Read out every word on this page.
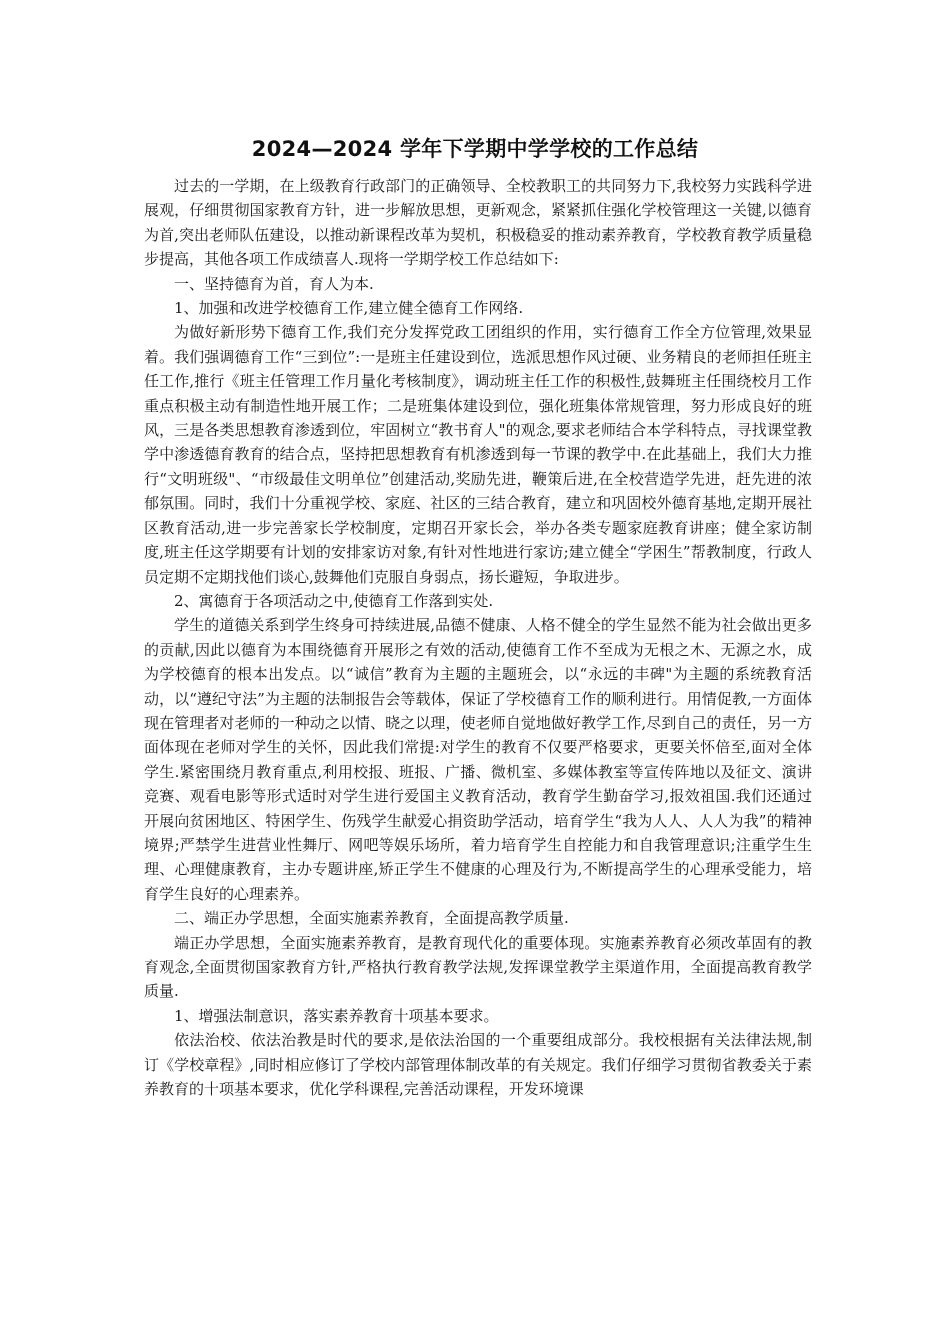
2024—2024 学年下学期中学学校的工作总结

过去的一学期，在上级教育行政部门的正确领导、全校教职工的共同努力下,我校努力实践科学进展观，仔细贯彻国家教育方针，进一步解放思想，更新观念，紧紧抓住强化学校管理这一关键,以德育为首,突出老师队伍建设，以推动新课程改革为契机，积极稳妥的推动素养教育，学校教育教学质量稳步提高，其他各项工作成绩喜人.现将一学期学校工作总结如下:

一、坚持德育为首，育人为本.

1、加强和改进学校德育工作,建立健全德育工作网络.

为做好新形势下德育工作,我们充分发挥党政工团组织的作用，实行德育工作全方位管理,效果显着。我们强调德育工作“三到位”:一是班主任建设到位，选派思想作风过硬、业务精良的老师担任班主任工作,推行《班主任管理工作月量化考核制度》，调动班主任工作的积极性,鼓舞班主任围绕校月工作重点积极主动有制造性地开展工作；二是班集体建设到位，强化班集体常规管理，努力形成良好的班风，三是各类思想教育渗透到位，牢固树立“教书育人"的观念,要求老师结合本学科特点，寻找课堂教学中渗透德育教育的结合点，坚持把思想教育有机渗透到每一节课的教学中.在此基础上，我们大力推行“文明班级"、“市级最佳文明单位”创建活动,奖励先进，鞭策后进,在全校营造学先进，赶先进的浓郁氛围。同时，我们十分重视学校、家庭、社区的三结合教育，建立和巩固校外德育基地,定期开展社区教育活动,进一步完善家长学校制度，定期召开家长会，举办各类专题家庭教育讲座；健全家访制度,班主任这学期要有计划的安排家访对象,有针对性地进行家访;建立健全“学困生”帮教制度，行政人员定期不定期找他们谈心,鼓舞他们克服自身弱点，扬长避短，争取进步。

2、寓德育于各项活动之中,使德育工作落到实处.

学生的道德关系到学生终身可持续进展,品德不健康、人格不健全的学生显然不能为社会做出更多的贡献,因此以德育为本围绕德育开展形之有效的活动,使德育工作不至成为无根之木、无源之水，成为学校德育的根本出发点。以“诚信”教育为主题的主题班会，以“永远的丰碑"为主题的系统教育活动，以“遵纪守法”为主题的法制报告会等载体，保证了学校德育工作的顺利进行。用情促教,一方面体现在管理者对老师的一种动之以情、晓之以理，使老师自觉地做好教学工作,尽到自己的责任，另一方面体现在老师对学生的关怀，因此我们常提:对学生的教育不仅要严格要求，更要关怀倍至,面对全体学生.紧密围绕月教育重点,利用校报、班报、广播、微机室、多媒体教室等宣传阵地以及征文、演讲竞赛、观看电影等形式适时对学生进行爱国主义教育活动，教育学生勤奋学习,报效祖国.我们还通过开展向贫困地区、特困学生、伤残学生献爱心捐资助学活动，培育学生“我为人人、人人为我”的精神境界;严禁学生进营业性舞厅、网吧等娱乐场所，着力培育学生自控能力和自我管理意识;注重学生生理、心理健康教育，主办专题讲座,矫正学生不健康的心理及行为,不断提高学生的心理承受能力，培育学生良好的心理素养。

二、端正办学思想，全面实施素养教育，全面提高教学质量.

端正办学思想，全面实施素养教育，是教育现代化的重要体现。实施素养教育必须改革固有的教育观念,全面贯彻国家教育方针,严格执行教育教学法规,发挥课堂教学主渠道作用，全面提高教育教学质量.

1、增强法制意识，落实素养教育十项基本要求。

依法治校、依法治教是时代的要求,是依法治国的一个重要组成部分。我校根据有关法律法规,制订《学校章程》,同时相应修订了学校内部管理体制改革的有关规定。我们仔细学习贯彻省教委关于素养教育的十项基本要求，优化学科课程,完善活动课程，开发环境课
